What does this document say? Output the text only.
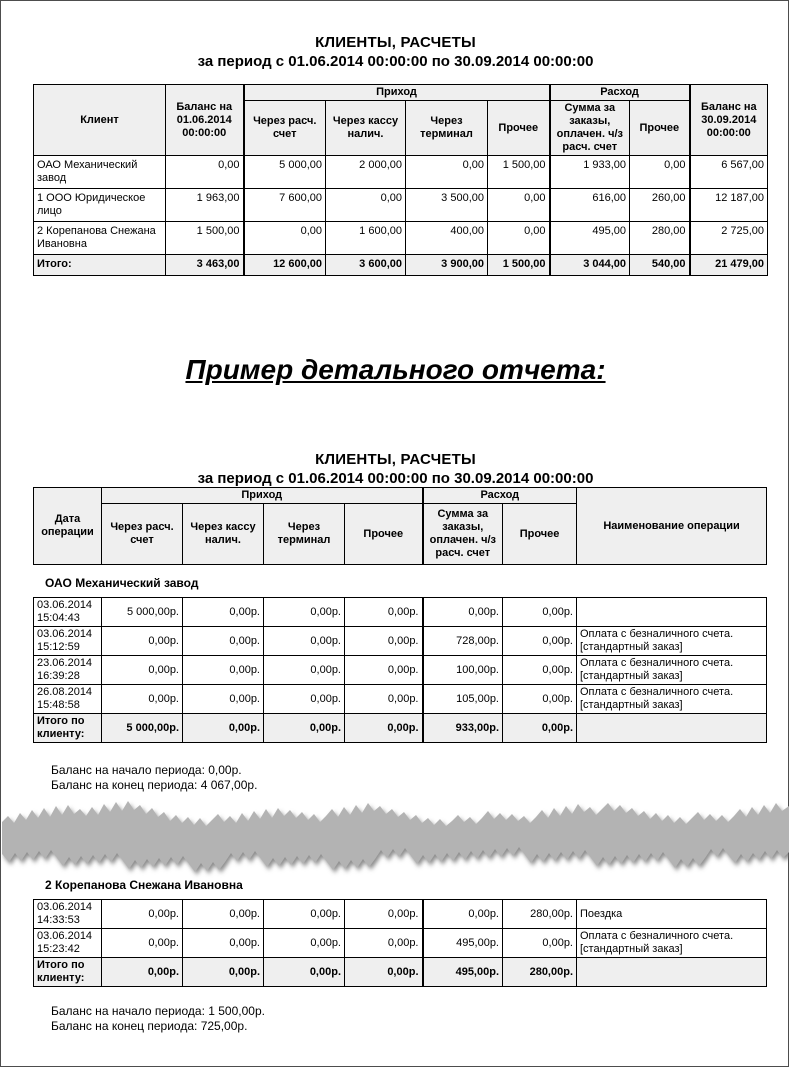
КЛИЕНТЫ, РАСЧЕТЫ
за период с 01.06.2014 00:00:00 по 30.09.2014 00:00:00
Клиент	Баланс на 01.06.2014 00:00:00	Приход				Расход		Баланс на 30.09.2014 00:00:00
		Через расч. счет	Через кассу налич.	Через терминал	Прочее	Сумма за заказы, оплачен. ч/з расч. счет	Прочее	
ОАО Механический завод	0,00	5 000,00	2 000,00	0,00	1 500,00	1 933,00	0,00	6 567,00
1 ООО Юридическое лицо	1 963,00	7 600,00	0,00	3 500,00	0,00	616,00	260,00	12 187,00
2 Корепанова Снежана Ивановна	1 500,00	0,00	1 600,00	400,00	0,00	495,00	280,00	2 725,00
Итого:	3 463,00	12 600,00	3 600,00	3 900,00	1 500,00	3 044,00	540,00	21 479,00
Пример детального отчета:
КЛИЕНТЫ, РАСЧЕТЫ
за период с 01.06.2014 00:00:00 по 30.09.2014 00:00:00
Дата операции	Приход				Расход		Наименование операции
	Через расч. счет	Через кассу налич.	Через терминал	Прочее	Сумма за заказы, оплачен. ч/з расч. счет	Прочее	
ОАО Механический завод
03.06.2014 15:04:43	5 000,00р.	0,00р.	0,00р.	0,00р.	0,00р.	0,00р.	
03.06.2014 15:12:59	0,00р.	0,00р.	0,00р.	0,00р.	728,00р.	0,00р.	Оплата с безналичного счета. [стандартный заказ]
23.06.2014 16:39:28	0,00р.	0,00р.	0,00р.	0,00р.	100,00р.	0,00р.	Оплата с безналичного счета. [стандартный заказ]
26.08.2014 15:48:58	0,00р.	0,00р.	0,00р.	0,00р.	105,00р.	0,00р.	Оплата с безналичного счета. [стандартный заказ]
Итого по клиенту:	5 000,00р.	0,00р.	0,00р.	0,00р.	933,00р.	0,00р.	
Баланс на начало периода: 0,00р.
Баланс на конец периода: 4 067,00р.
2 Корепанова Снежана Ивановна
03.06.2014 14:33:53	0,00р.	0,00р.	0,00р.	0,00р.	0,00р.	280,00р.	Поездка
03.06.2014 15:23:42	0,00р.	0,00р.	0,00р.	0,00р.	495,00р.	0,00р.	Оплата с безналичного счета. [стандартный заказ]
Итого по клиенту:	0,00р.	0,00р.	0,00р.	0,00р.	495,00р.	280,00р.	
Баланс на начало периода: 1 500,00р.
Баланс на конец периода: 725,00р.
